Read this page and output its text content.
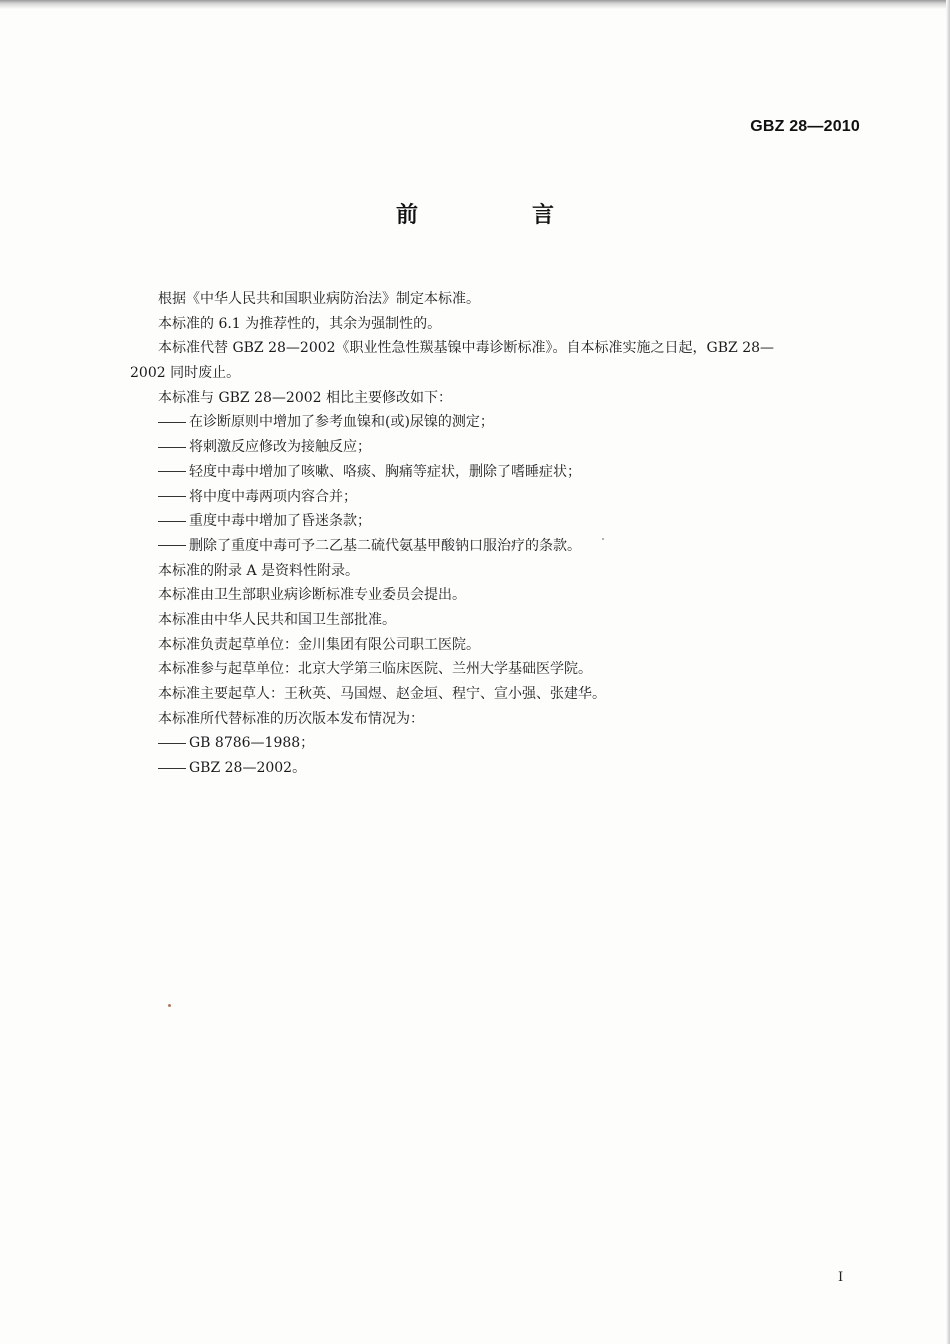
GBZ 28—2010
前　言
根据《中华人民共和国职业病防治法》制定本标准。
本标准的 6.1 为推荐性的，其余为强制性的。
本标准代替 GBZ 28—2002《职业性急性羰基镍中毒诊断标准》。自本标准实施之日起，GBZ 28—
2002 同时废止。
本标准与 GBZ 28—2002 相比主要修改如下：
在诊断原则中增加了参考血镍和(或)尿镍的测定；
将刺激反应修改为接触反应；
轻度中毒中增加了咳嗽、咯痰、胸痛等症状，删除了嗜睡症状；
将中度中毒两项内容合并；
重度中毒中增加了昏迷条款；
删除了重度中毒可予二乙基二硫代氨基甲酸钠口服治疗的条款。
本标准的附录 A 是资料性附录。
本标准由卫生部职业病诊断标准专业委员会提出。
本标准由中华人民共和国卫生部批准。
本标准负责起草单位：金川集团有限公司职工医院。
本标准参与起草单位：北京大学第三临床医院、兰州大学基础医学院。
本标准主要起草人：王秋英、马国煜、赵金垣、程宁、宣小强、张建华。
本标准所代替标准的历次版本发布情况为：
GB 8786—1988；
GBZ 28—2002。
I
